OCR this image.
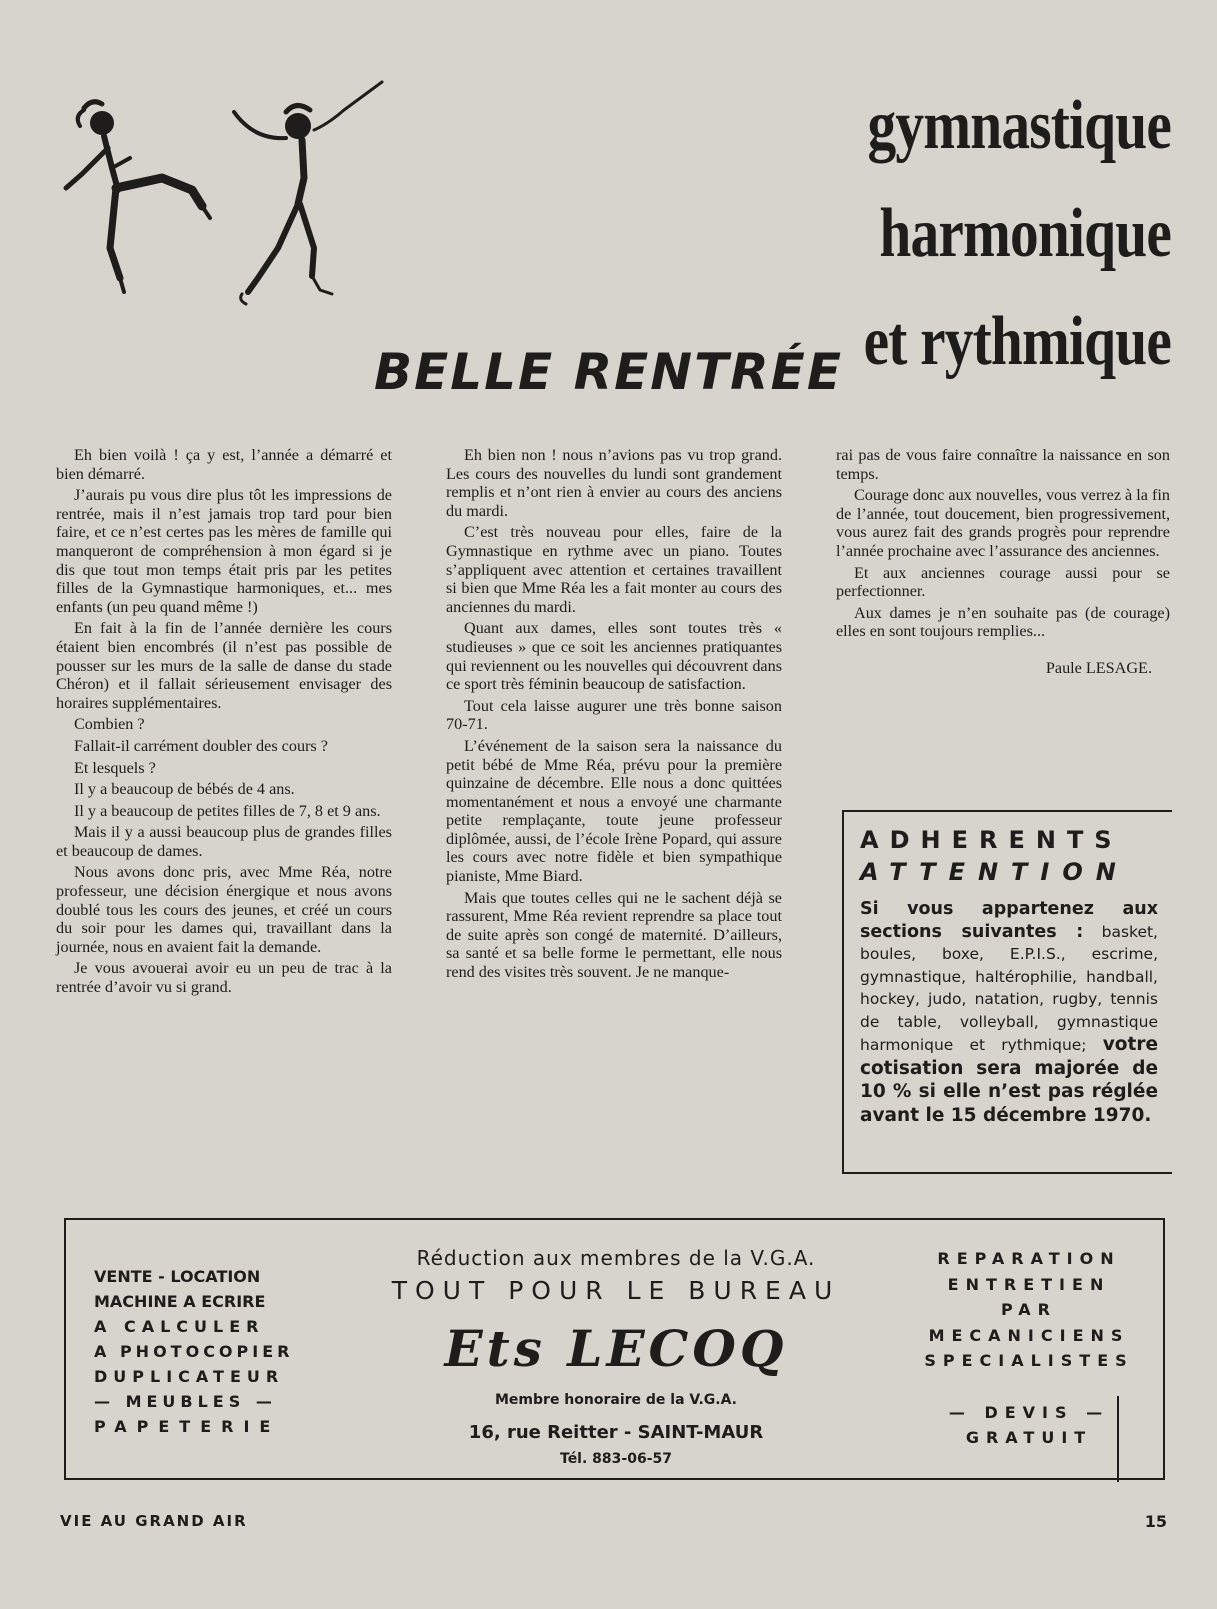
gymnastique harmonique
et rythmique
BELLE RENTRÉE

Eh bien voilà ! ça y est, l’année a démarré et bien démarré.

J’aurais pu vous dire plus tôt les impressions de rentrée, mais il n’est jamais trop tard pour bien faire, et ce n’est certes pas les mères de famille qui manqueront de compréhension à mon égard si je dis que tout mon temps était pris par les petites filles de la Gymnastique harmoniques, et... mes enfants (un peu quand même !)

En fait à la fin de l’année dernière les cours étaient bien encombrés (il n’est pas possible de pousser sur les murs de la salle de danse du stade Chéron) et il fallait sérieusement envisager des horaires supplémentaires.

Combien ?

Fallait-il carrément doubler des cours ?

Et lesquels ?

Il y a beaucoup de bébés de 4 ans.

Il y a beaucoup de petites filles de 7, 8 et 9 ans.

Mais il y a aussi beaucoup plus de grandes filles et beaucoup de dames.

Nous avons donc pris, avec Mme Réa, notre professeur, une décision énergique et nous avons doublé tous les cours des jeunes, et créé un cours du soir pour les dames qui, travaillant dans la journée, nous en avaient fait la demande.

Je vous avouerai avoir eu un peu de trac à la rentrée d’avoir vu si grand.

Eh bien non ! nous n’avions pas vu trop grand. Les cours des nouvelles du lundi sont grandement remplis et n’ont rien à envier au cours des anciens du mardi.

C’est très nouveau pour elles, faire de la Gymnastique en rythme avec un piano. Toutes s’appliquent avec attention et certaines travaillent si bien que Mme Réa les a fait monter au cours des anciennes du mardi.

Quant aux dames, elles sont toutes très « studieuses » que ce soit les anciennes pratiquantes qui reviennent ou les nouvelles qui découvrent dans ce sport très féminin beaucoup de satisfaction.

Tout cela laisse augurer une très bonne saison 70-71.

L’événement de la saison sera la naissance du petit bébé de Mme Réa, prévu pour la première quinzaine de décembre. Elle nous a donc quittées momentanément et nous a envoyé une charmante petite remplaçante, toute jeune professeur diplômée, aussi, de l’école Irène Popard, qui assure les cours avec notre fidèle et bien sympathique pianiste, Mme Biard.

Mais que toutes celles qui ne le sachent déjà se rassurent, Mme Réa revient reprendre sa place tout de suite après son congé de maternité. D’ailleurs, sa santé et sa belle forme le permettant, elle nous rend des visites très souvent. Je ne manque-

rai pas de vous faire connaître la naissance en son temps.

Courage donc aux nouvelles, vous verrez à la fin de l’année, tout doucement, bien progressivement, vous aurez fait des grands progrès pour reprendre l’année prochaine avec l’assurance des anciennes.

Et aux anciennes courage aussi pour se perfectionner.

Aux dames je n’en souhaite pas (de courage) elles en sont toujours remplies...

Paule LESAGE.

ADHERENTS
ATTENTION
Si vous appartenez aux sections suivantes : basket, boules, boxe, E.P.I.S., escrime, gymnastique, haltérophilie, handball, hockey, judo, natation, rugby, tennis de table, volleyball, gymnastique harmonique et rythmique; votre cotisation sera majorée de 10 % si elle n’est pas réglée avant le 15 décembre 1970.
VENTE - LOCATION
MACHINE A ECRIRE
A CALCULER
A PHOTOCOPIER
DUPLICATEUR
— MEUBLES —
PAPETERIE
Réduction aux membres de la V.G.A.
TOUT POUR LE BUREAU
Ets LECOQ
Membre honoraire de la V.G.A.
16, rue Reitter - SAINT-MAUR
Tél. 883-06-57
REPARATION
ENTRETIEN
PAR
MECANICIENS
SPECIALISTES
— DEVIS —
GRATUIT
VIE AU GRAND AIR	15
